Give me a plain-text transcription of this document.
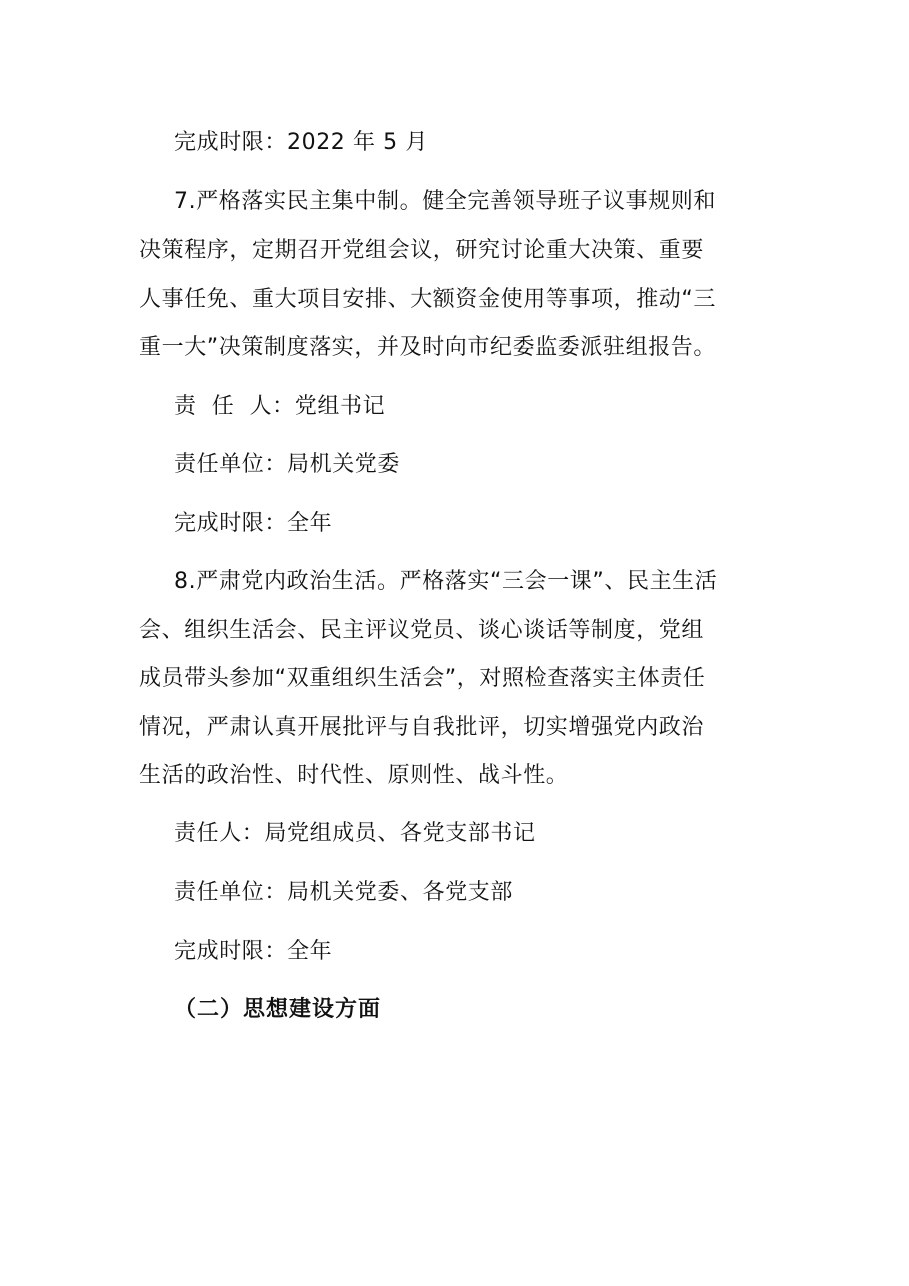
完成时限：2022 年 5 月
7.严格落实民主集中制。健全完善领导班子议事规则和
决策程序，定期召开党组会议，研究讨论重大决策、重要
人事任免、重大项目安排、大额资金使用等事项，推动“三
重一大”决策制度落实，并及时向市纪委监委派驻组报告。
责  任  人：党组书记
责任单位：局机关党委
完成时限：全年
8.严肃党内政治生活。严格落实“三会一课”、民主生活
会、组织生活会、民主评议党员、谈心谈话等制度，党组
成员带头参加“双重组织生活会”，对照检查落实主体责任
情况，严肃认真开展批评与自我批评，切实增强党内政治
生活的政治性、时代性、原则性、战斗性。
责任人：局党组成员、各党支部书记
责任单位：局机关党委、各党支部
完成时限：全年
（二）思想建设方面
